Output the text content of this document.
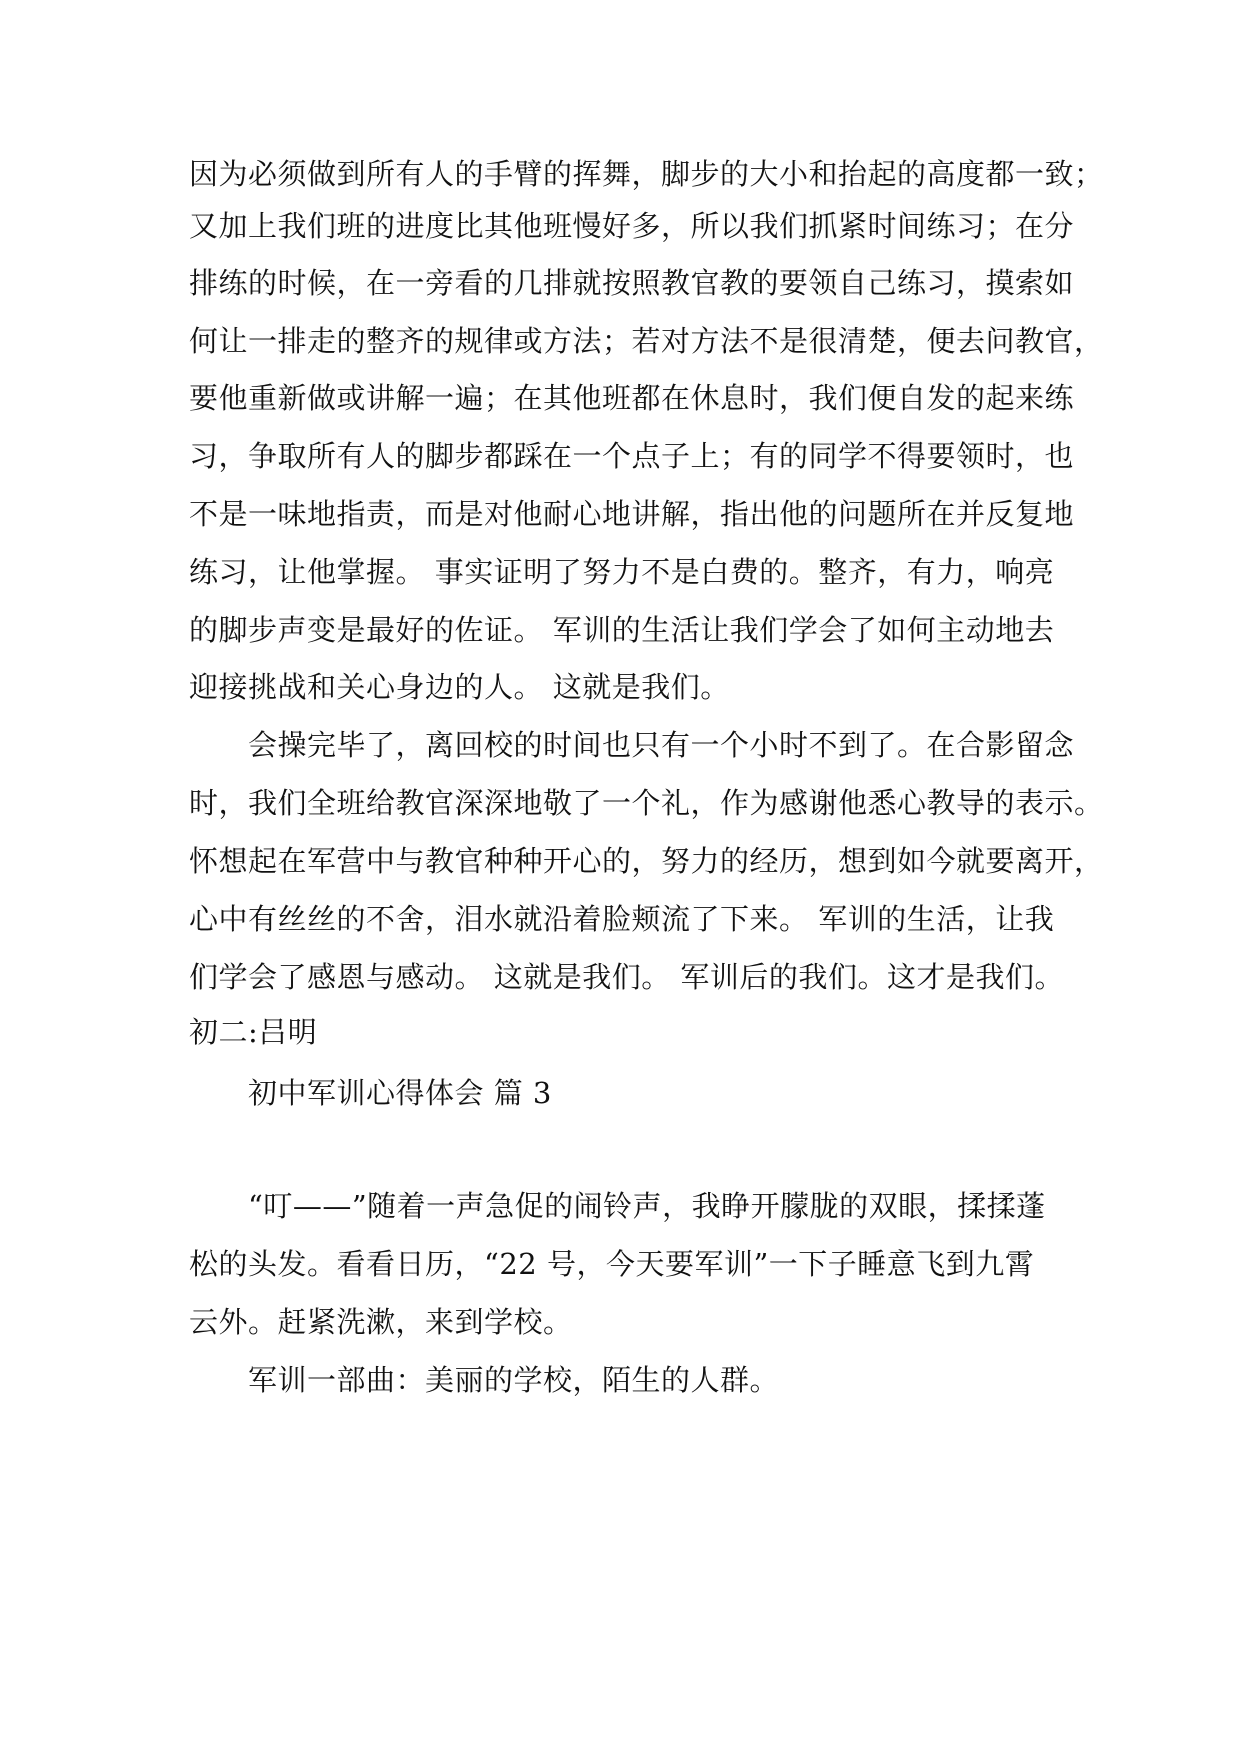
因为必须做到所有人的手臂的挥舞，脚步的大小和抬起的高度都一致；
又加上我们班的进度比其他班慢好多，所以我们抓紧时间练习；在分
排练的时候，在一旁看的几排就按照教官教的要领自己练习，摸索如
何让一排走的整齐的规律或方法；若对方法不是很清楚，便去问教官，
要他重新做或讲解一遍；在其他班都在休息时，我们便自发的起来练
习，争取所有人的脚步都踩在一个点子上；有的同学不得要领时，也
不是一味地指责，而是对他耐心地讲解，指出他的问题所在并反复地
练习，让他掌握。 事实证明了努力不是白费的。整齐，有力，响亮
的脚步声变是最好的佐证。 军训的生活让我们学会了如何主动地去
迎接挑战和关心身边的人。 这就是我们。
会操完毕了，离回校的时间也只有一个小时不到了。在合影留念
时，我们全班给教官深深地敬了一个礼，作为感谢他悉心教导的表示。
怀想起在军营中与教官种种开心的，努力的经历，想到如今就要离开，
心中有丝丝的不舍，泪水就沿着脸颊流了下来。 军训的生活，让我
们学会了感恩与感动。 这就是我们。 军训后的我们。这才是我们。
初二:吕明
初中军训心得体会 篇 3
“叮——”随着一声急促的闹铃声，我睁开朦胧的双眼，揉揉蓬
松的头发。看看日历，“22 号，今天要军训”一下子睡意飞到九霄
云外。赶紧洗漱，来到学校。
军训一部曲：美丽的学校，陌生的人群。
